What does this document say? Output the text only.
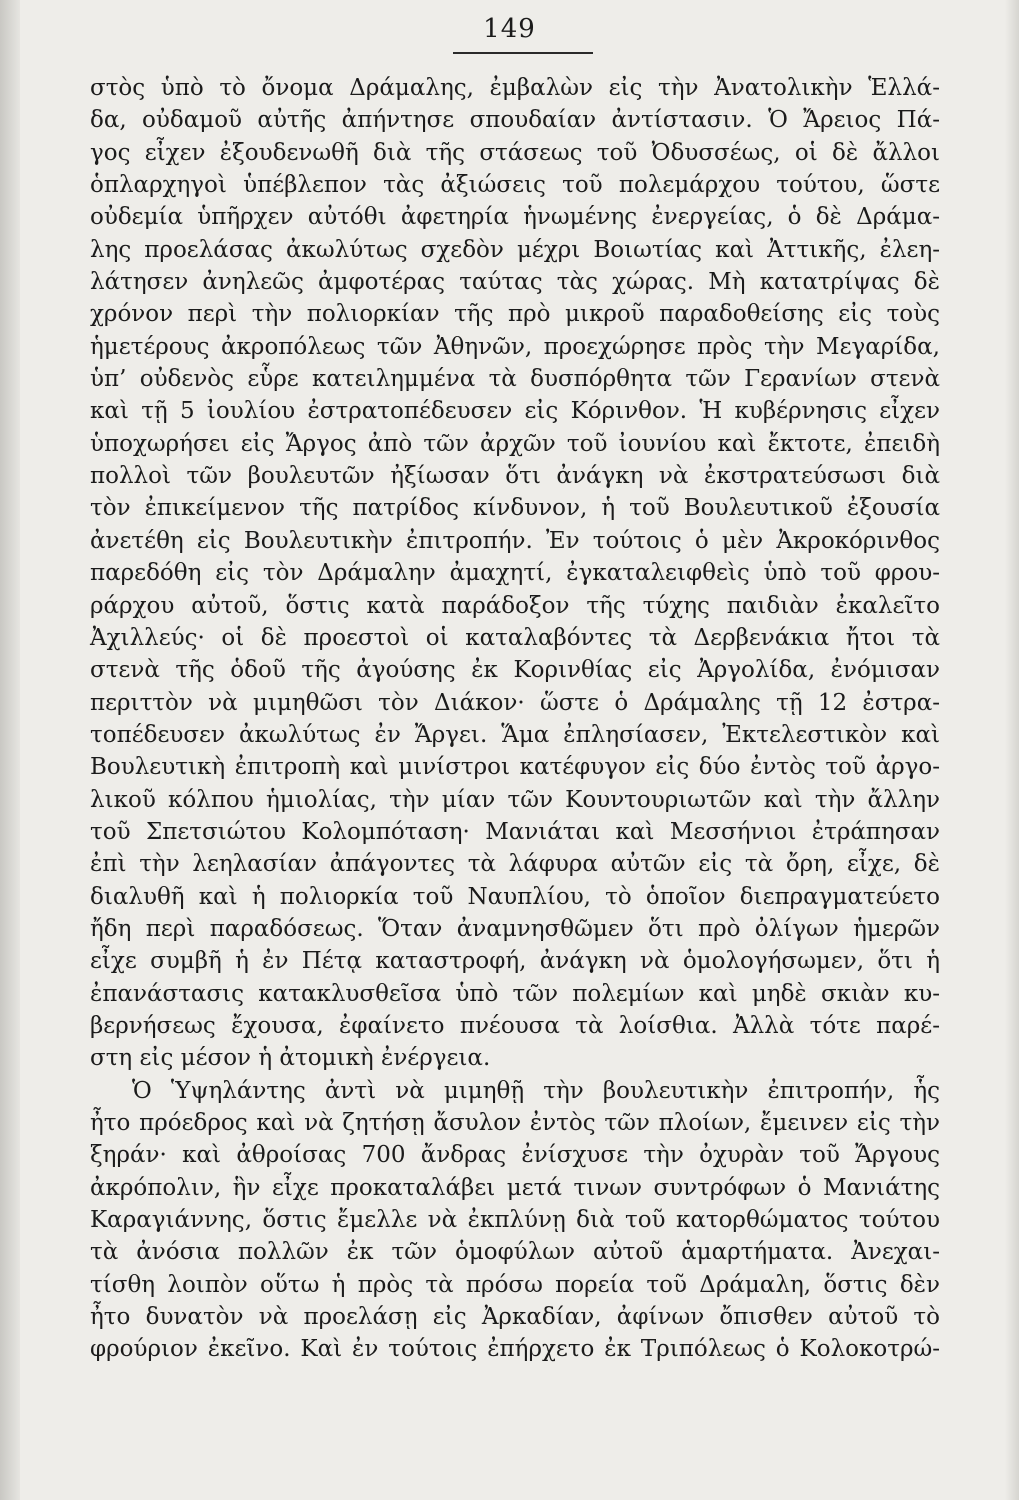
149
στὸς ὑπὸ τὸ ὄνομα Δράμαλης, ἐμβαλὼν εἰς τὴν Ἀνατολικὴν Ἑλλά-
δα, οὐδαμοῦ αὐτῆς ἀπήντησε σπουδαίαν ἀντίστασιν. Ὁ Ἄρειος Πά-
γος εἶχεν ἐξουδενωθῆ διὰ τῆς στάσεως τοῦ Ὀδυσσέως, οἱ δὲ ἄλλοι
ὁπλαρχηγοὶ ὑπέβλεπον τὰς ἀξιώσεις τοῦ πολεμάρχου τούτου, ὥστε
οὐδεμία ὑπῆρχεν αὐτόθι ἀφετηρία ἡνωμένης ἐνεργείας, ὁ δὲ Δράμα-
λης προελάσας ἀκωλύτως σχεδὸν μέχρι Βοιωτίας καὶ Ἀττικῆς, ἐλεη-
λάτησεν ἀνηλεῶς ἀμφοτέρας ταύτας τὰς χώρας. Μὴ κατατρίψας δὲ
χρόνον περὶ τὴν πολιορκίαν τῆς πρὸ μικροῦ παραδοθείσης εἰς τοὺς
ἡμετέρους ἀκροπόλεως τῶν Ἀθηνῶν, προεχώρησε πρὸς τὴν Μεγαρίδα,
ὑπ’ οὐδενὸς εὗρε κατειλημμένα τὰ δυσπόρθητα τῶν Γερανίων στενὰ
καὶ τῇ 5 ἰουλίου ἐστρατοπέδευσεν εἰς Κόρινθον. Ἡ κυβέρνησις εἶχεν
ὑποχωρήσει εἰς Ἄργος ἀπὸ τῶν ἀρχῶν τοῦ ἰουνίου καὶ ἔκτοτε, ἐπειδὴ
πολλοὶ τῶν βουλευτῶν ἠξίωσαν ὅτι ἀνάγκη νὰ ἐκστρατεύσωσι διὰ
τὸν ἐπικείμενον τῆς πατρίδος κίνδυνον, ἡ τοῦ Βουλευτικοῦ ἐξουσία
ἀνετέθη εἰς Βουλευτικὴν ἐπιτροπήν. Ἐν τούτοις ὁ μὲν Ἀκροκόρινθος
παρεδόθη εἰς τὸν Δράμαλην ἀμαχητί, ἐγκαταλειφθεὶς ὑπὸ τοῦ φρου-
ράρχου αὐτοῦ, ὅστις κατὰ παράδοξον τῆς τύχης παιδιὰν ἐκαλεῖτο
Ἀχιλλεύς· οἱ δὲ προεστοὶ οἱ καταλαβόντες τὰ Δερβενάκια ἤτοι τὰ
στενὰ τῆς ὁδοῦ τῆς ἀγούσης ἐκ Κορινθίας εἰς Ἀργολίδα, ἐνόμισαν
περιττὸν νὰ μιμηθῶσι τὸν Διάκον· ὥστε ὁ Δράμαλης τῇ 12 ἐστρα-
τοπέδευσεν ἀκωλύτως ἐν Ἄργει. Ἅμα ἐπλησίασεν, Ἐκτελεστικὸν καὶ
Βουλευτικὴ ἐπιτροπὴ καὶ μινίστροι κατέφυγον εἰς δύο ἐντὸς τοῦ ἀργο-
λικοῦ κόλπου ἡμιολίας, τὴν μίαν τῶν Κουντουριωτῶν καὶ τὴν ἄλλην
τοῦ Σπετσιώτου Κολομπόταση· Μανιάται καὶ Μεσσήνιοι ἐτράπησαν
ἐπὶ τὴν λεηλασίαν ἀπάγοντες τὰ λάφυρα αὐτῶν εἰς τὰ ὄρη, εἶχε, δὲ
διαλυθῆ καὶ ἡ πολιορκία τοῦ Ναυπλίου, τὸ ὁποῖον διεπραγματεύετο
ἤδη περὶ παραδόσεως. Ὅταν ἀναμνησθῶμεν ὅτι πρὸ ὀλίγων ἡμερῶν
εἶχε συμβῆ ἡ ἐν Πέτᾳ καταστροφή, ἀνάγκη νὰ ὁμολογήσωμεν, ὅτι ἡ
ἐπανάστασις κατακλυσθεῖσα ὑπὸ τῶν πολεμίων καὶ μηδὲ σκιὰν κυ-
βερνήσεως ἔχουσα, ἐφαίνετο πνέουσα τὰ λοίσθια. Ἀλλὰ τότε παρέ-
στη εἰς μέσον ἡ ἀτομικὴ ἐνέργεια.
Ὁ Ὑψηλάντης ἀντὶ νὰ μιμηθῇ τὴν βουλευτικὴν ἐπιτροπήν, ἧς
ἦτο πρόεδρος καὶ νὰ ζητήσῃ ἄσυλον ἐντὸς τῶν πλοίων, ἔμεινεν εἰς τὴν
ξηράν· καὶ ἀθροίσας 700 ἄνδρας ἐνίσχυσε τὴν ὀχυρὰν τοῦ Ἄργους
ἀκρόπολιν, ἣν εἶχε προκαταλάβει μετά τινων συντρόφων ὁ Μανιάτης
Καραγιάννης, ὅστις ἔμελλε νὰ ἐκπλύνῃ διὰ τοῦ κατορθώματος τούτου
τὰ ἀνόσια πολλῶν ἐκ τῶν ὁμοφύλων αὐτοῦ ἁμαρτήματα. Ἀνεχαι-
τίσθη λοιπὸν οὕτω ἡ πρὸς τὰ πρόσω πορεία τοῦ Δράμαλη, ὅστις δὲν
ἦτο δυνατὸν νὰ προελάσῃ εἰς Ἀρκαδίαν, ἀφίνων ὄπισθεν αὐτοῦ τὸ
φρούριον ἐκεῖνο. Καὶ ἐν τούτοις ἐπήρχετο ἐκ Τριπόλεως ὁ Κολοκοτρώ-
